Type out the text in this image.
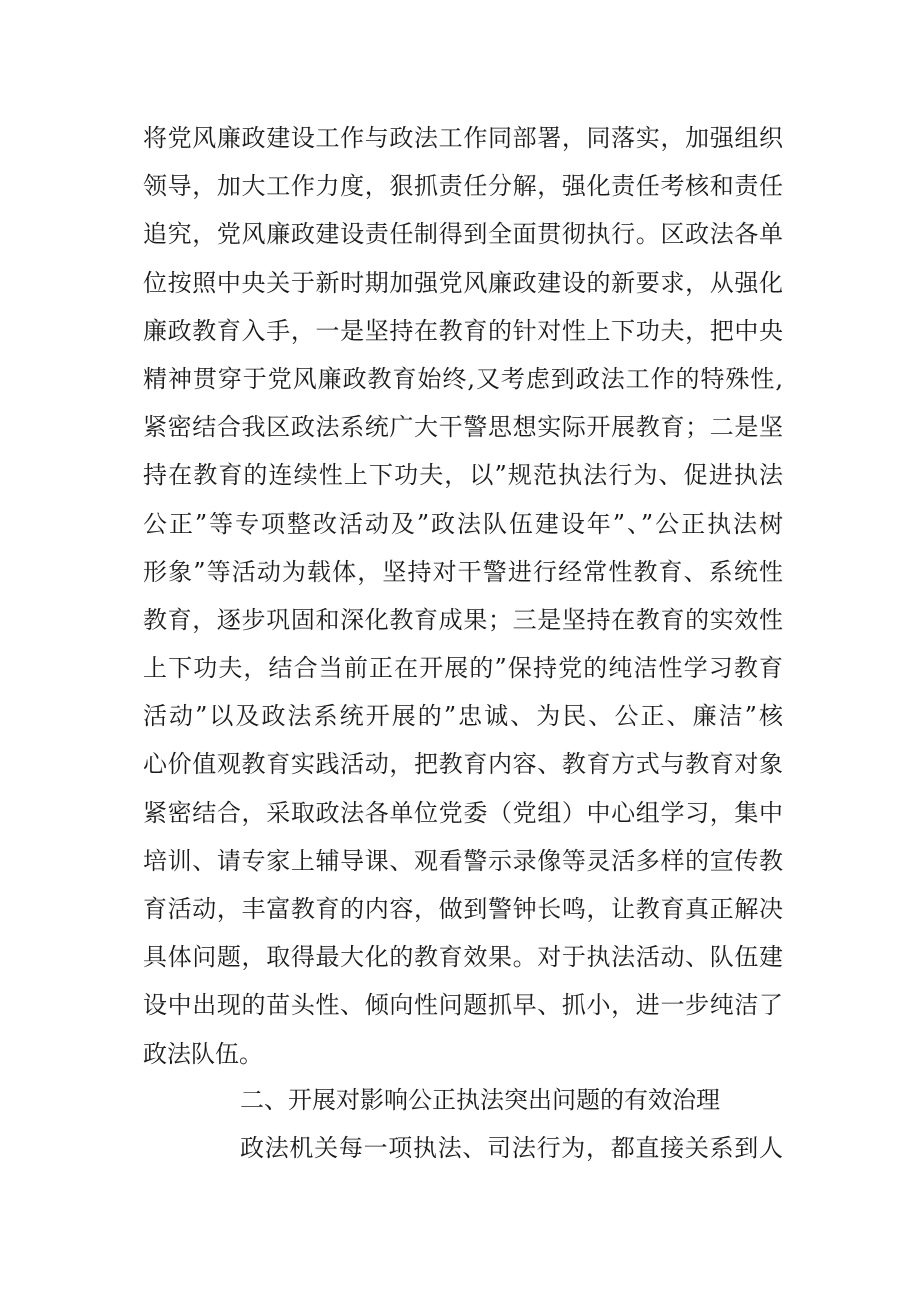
将党风廉政建设工作与政法工作同部署，同落实，加强组织
领导，加大工作力度，狠抓责任分解，强化责任考核和责任
追究，党风廉政建设责任制得到全面贯彻执行。区政法各单
位按照中央关于新时期加强党风廉政建设的新要求，从强化
廉政教育入手，一是坚持在教育的针对性上下功夫，把中央
精神贯穿于党风廉政教育始终,又考虑到政法工作的特殊性,
紧密结合我区政法系统广大干警思想实际开展教育；二是坚
持在教育的连续性上下功夫，以”规范执法行为、促进执法
公正”等专项整改活动及”政法队伍建设年”、”公正执法树
形象”等活动为载体，坚持对干警进行经常性教育、系统性
教育，逐步巩固和深化教育成果；三是坚持在教育的实效性
上下功夫，结合当前正在开展的”保持党的纯洁性学习教育
活动”以及政法系统开展的”忠诚、为民、公正、廉洁”核
心价值观教育实践活动，把教育内容、教育方式与教育对象
紧密结合，采取政法各单位党委（党组）中心组学习，集中
培训、请专家上辅导课、观看警示录像等灵活多样的宣传教
育活动，丰富教育的内容，做到警钟长鸣，让教育真正解决
具体问题，取得最大化的教育效果。对于执法活动、队伍建
设中出现的苗头性、倾向性问题抓早、抓小，进一步纯洁了
政法队伍。
二、开展对影响公正执法突出问题的有效治理
政法机关每一项执法、司法行为，都直接关系到人
